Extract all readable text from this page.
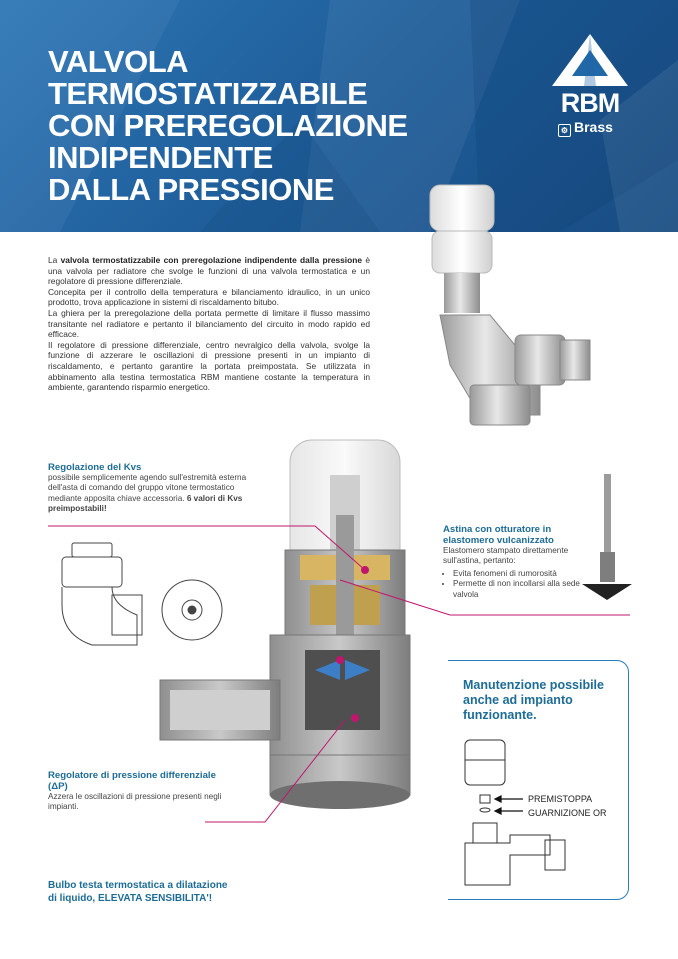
VALVOLA
TERMOSTATIZZABILE
CON PREREGOLAZIONE
INDIPENDENTE
DALLA PRESSIONE
RBM
⚙ Brass

La valvola termostatizzabile con preregolazione indipendente dalla pressione è una valvola per radiatore che svolge le funzioni di una valvola termostatica e un regolatore di pressione differenziale.

Concepita per il controllo della temperatura e bilanciamento idraulico, in un unico prodotto, trova applicazione in sistemi di riscaldamento bitubo.

La ghiera per la preregolazione della portata permette di limitare il flusso massimo transitante nel radiatore e pertanto il bilanciamento del circuito in modo rapido ed efficace.

Il regolatore di pressione differenziale, centro nevralgico della valvola, svolge la funzione di azzerare le oscillazioni di pressione presenti in un impianto di riscaldamento, e pertanto garantire la portata preimpostata. Se utilizzata in abbinamento alla testina termostatica RBM mantiene costante la temperatura in ambiente, garantendo risparmio energetico.

Regolazione del Kvs
possibile semplicemente agendo sull'estremità esterna dell'asta di comando del gruppo vitone termostatico mediante apposita chiave accessoria. 6 valori di Kvs preimpostabili!
Astina con otturatore in elastomero vulcanizzato
Elastomero stampato direttamente sull'astina, pertanto:
• Evita fenomeni di rumorosità
• Permette di non incollarsi alla sede valvola
Regolatore di pressione differenziale (ΔP)
Azzera le oscillazioni di pressione presenti negli impianti.
Bulbo testa termostatica a dilatazione
di liquido, ELEVATA SENSIBILITA'!
Manutenzione possibile anche ad impianto funzionante.
PREMISTOPPA
GUARNIZIONE OR
